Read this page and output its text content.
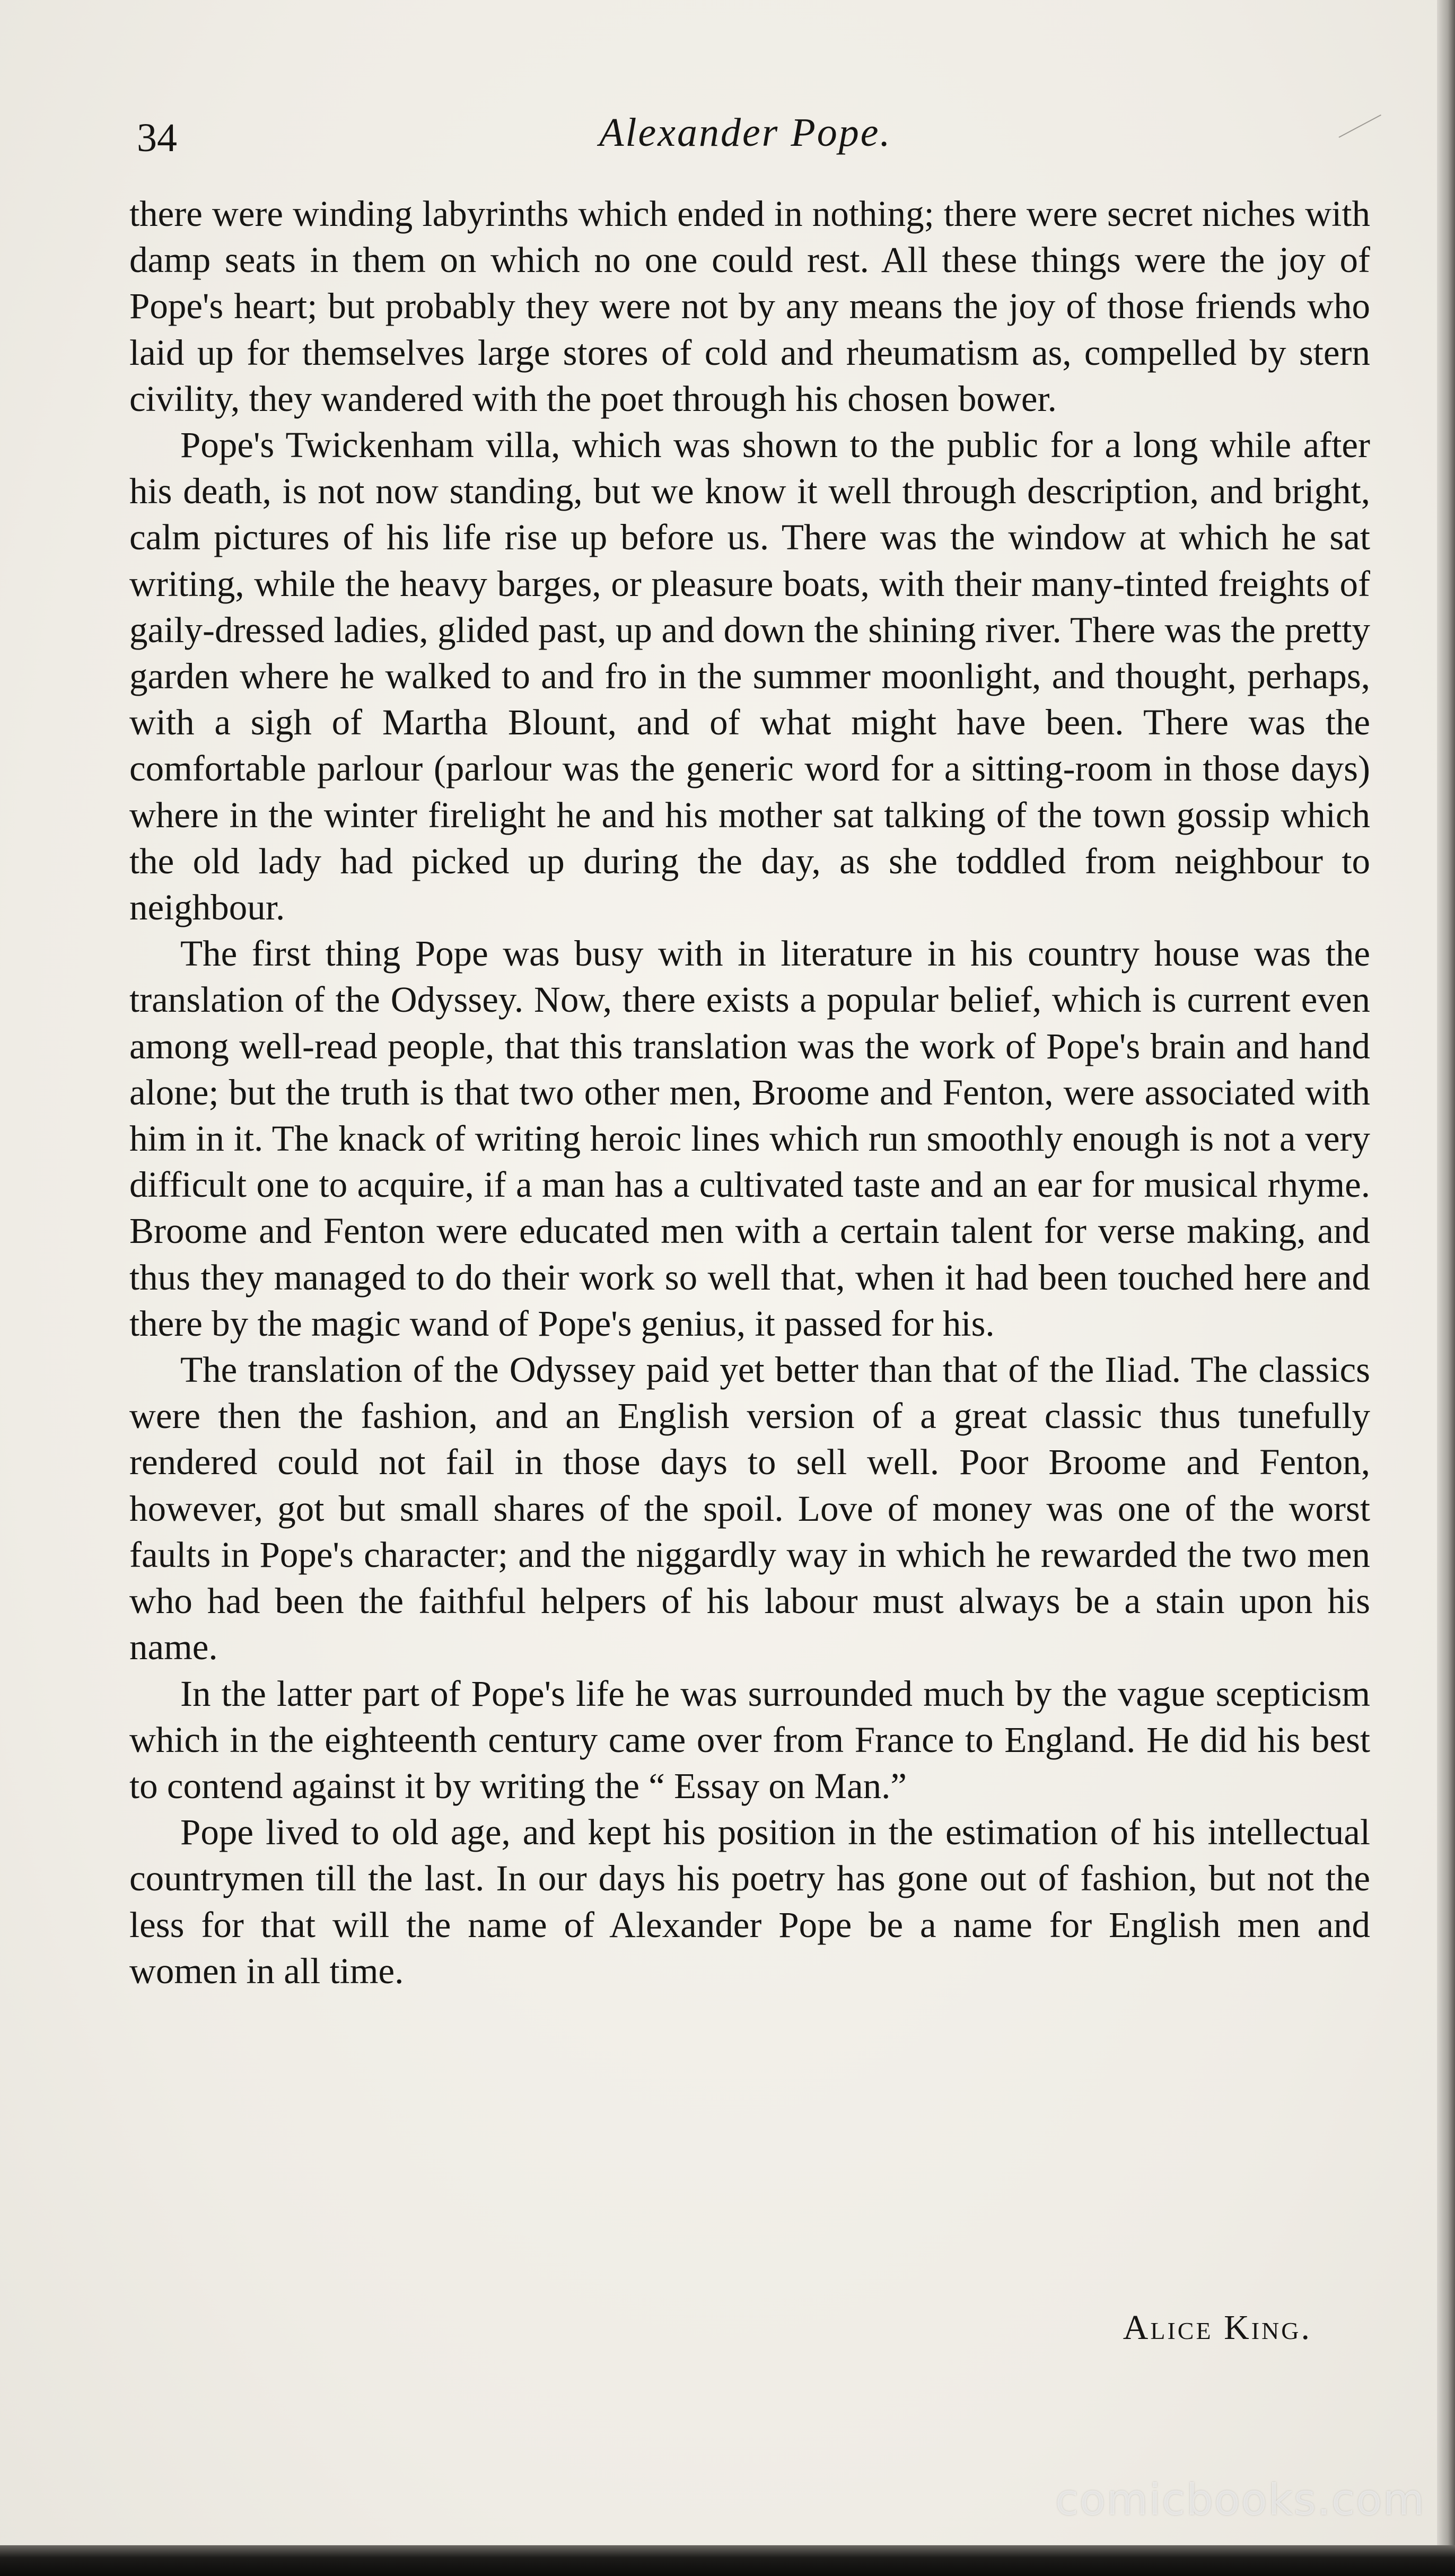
34	Alexander Pope.

there were winding labyrinths which ended in nothing; there were secret niches with damp seats in them on which no one could rest. All these things were the joy of Pope's heart; but probably they were not by any means the joy of those friends who laid up for themselves large stores of cold and rheumatism as, compelled by stern civility, they wandered with the poet through his chosen bower.

Pope's Twickenham villa, which was shown to the public for a long while after his death, is not now standing, but we know it well through description, and bright, calm pictures of his life rise up before us. There was the window at which he sat writing, while the heavy barges, or pleasure boats, with their many-tinted freights of gaily-dressed ladies, glided past, up and down the shining river. There was the pretty garden where he walked to and fro in the summer moonlight, and thought, perhaps, with a sigh of Martha Blount, and of what might have been. There was the comfortable parlour (parlour was the generic word for a sitting-room in those days) where in the winter firelight he and his mother sat talking of the town gossip which the old lady had picked up during the day, as she toddled from neighbour to neighbour.

The first thing Pope was busy with in literature in his country house was the translation of the Odyssey. Now, there exists a popular belief, which is current even among well-read people, that this translation was the work of Pope's brain and hand alone; but the truth is that two other men, Broome and Fenton, were associated with him in it. The knack of writing heroic lines which run smoothly enough is not a very difficult one to acquire, if a man has a cultivated taste and an ear for musical rhyme. Broome and Fenton were educated men with a certain talent for verse making, and thus they managed to do their work so well that, when it had been touched here and there by the magic wand of Pope's genius, it passed for his.

The translation of the Odyssey paid yet better than that of the Iliad. The classics were then the fashion, and an English version of a great classic thus tunefully rendered could not fail in those days to sell well. Poor Broome and Fenton, however, got but small shares of the spoil. Love of money was one of the worst faults in Pope's character; and the niggardly way in which he rewarded the two men who had been the faithful helpers of his labour must always be a stain upon his name.

In the latter part of Pope's life he was surrounded much by the vague scepticism which in the eighteenth century came over from France to England. He did his best to contend against it by writing the “ Essay on Man.”

Pope lived to old age, and kept his position in the estimation of his intellectual countrymen till the last. In our days his poetry has gone out of fashion, but not the less for that will the name of Alexander Pope be a name for English men and women in all time.

Alice King.
comicbooks.com
